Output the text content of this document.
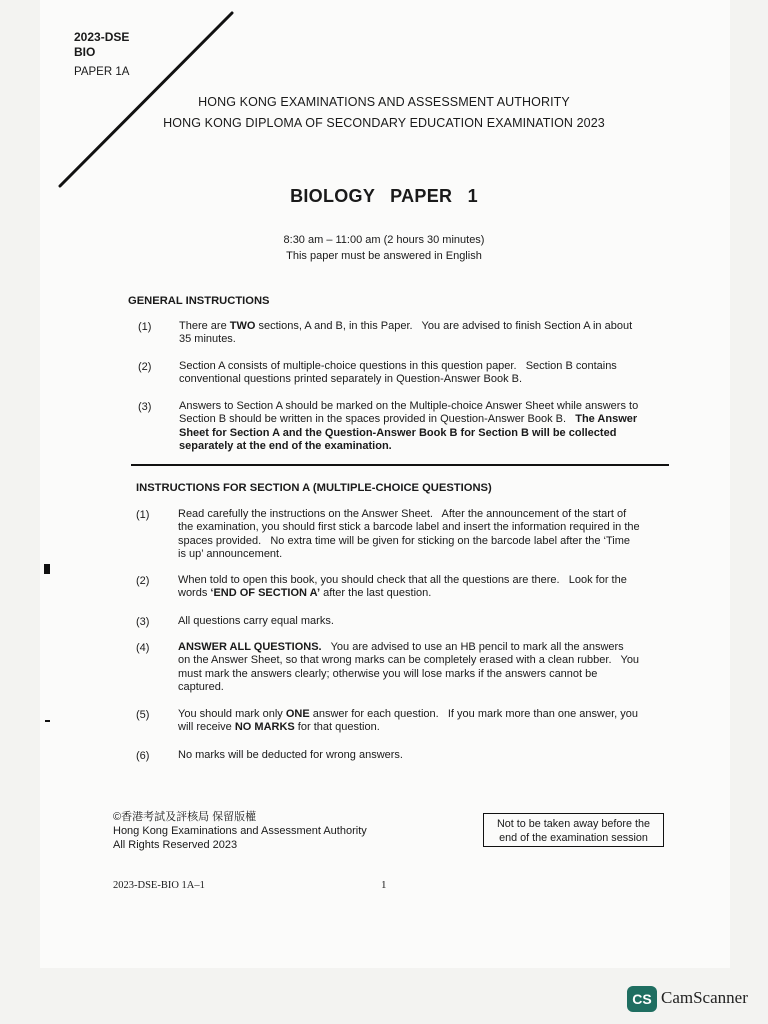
2023-DSE
BIO
PAPER 1A
HONG KONG EXAMINATIONS AND ASSESSMENT AUTHORITY
HONG KONG DIPLOMA OF SECONDARY EDUCATION EXAMINATION 2023
BIOLOGY PAPER 1
8:30 am – 11:00 am (2 hours 30 minutes)
This paper must be answered in English
GENERAL INSTRUCTIONS
(1)	There are TWO sections, A and B, in this Paper.   You are advised to finish Section A in about
35 minutes.
(2)	Section A consists of multiple-choice questions in this question paper.   Section B contains
conventional questions printed separately in Question-Answer Book B.
(3)	Answers to Section A should be marked on the Multiple-choice Answer Sheet while answers to
Section B should be written in the spaces provided in Question-Answer Book B.   The Answer
Sheet for Section A and the Question-Answer Book B for Section B will be collected
separately at the end of the examination.
INSTRUCTIONS FOR SECTION A (MULTIPLE-CHOICE QUESTIONS)
(1)	Read carefully the instructions on the Answer Sheet.   After the announcement of the start of
the examination, you should first stick a barcode label and insert the information required in the
spaces provided.   No extra time will be given for sticking on the barcode label after the ‘Time
is up’ announcement.
(2)	When told to open this book, you should check that all the questions are there.   Look for the
words ‘END OF SECTION A’ after the last question.
(3)	All questions carry equal marks.
(4)	ANSWER ALL QUESTIONS.   You are advised to use an HB pencil to mark all the answers
on the Answer Sheet, so that wrong marks can be completely erased with a clean rubber.   You
must mark the answers clearly; otherwise you will lose marks if the answers cannot be
captured.
(5)	You should mark only ONE answer for each question.   If you mark more than one answer, you
will receive NO MARKS for that question.
(6)	No marks will be deducted for wrong answers.
©香港考試及評核局 保留版權
Hong Kong Examinations and Assessment Authority
All Rights Reserved 2023
Not to be taken away before the
end of the examination session
2023-DSE-BIO 1A–1	1
CS CamScanner
